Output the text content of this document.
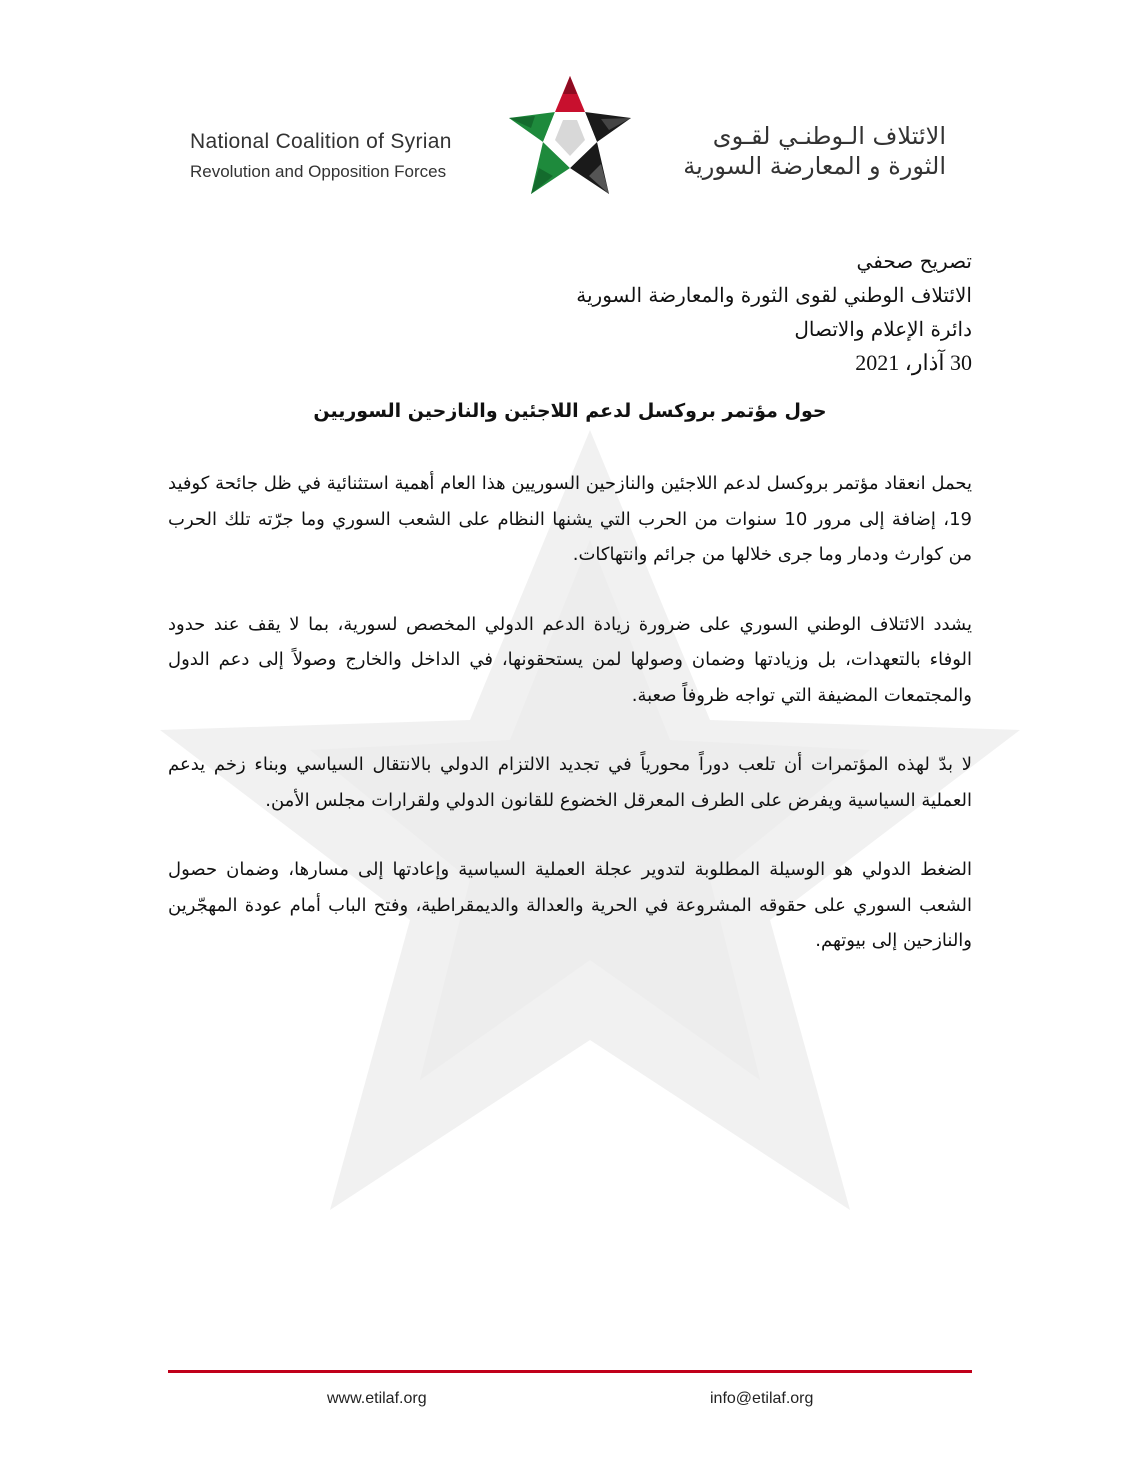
National Coalition of Syrian
Revolution and Opposition Forces
الائتلاف الـوطنـي لقـوى
الثورة و المعارضة السورية
تصريح صحفي
الائتلاف الوطني لقوى الثورة والمعارضة السورية
دائرة الإعلام والاتصال
30 آذار، 2021
حول مؤتمر بروكسل لدعم اللاجئين والنازحين السوريين

يحمل انعقاد مؤتمر بروكسل لدعم اللاجئين والنازحين السوريين هذا العام أهمية استثنائية في ظل جائحة كوفيد 19، إضافة إلى مرور 10 سنوات من الحرب التي يشنها النظام على الشعب السوري وما جرّته تلك الحرب من كوارث ودمار وما جرى خلالها من جرائم وانتهاكات.

يشدد الائتلاف الوطني السوري على ضرورة زيادة الدعم الدولي المخصص لسورية، بما لا يقف عند حدود الوفاء بالتعهدات، بل وزيادتها وضمان وصولها لمن يستحقونها، في الداخل والخارج وصولاً إلى دعم الدول والمجتمعات المضيفة التي تواجه ظروفاً صعبة.

لا بدّ لهذه المؤتمرات أن تلعب دوراً محورياً في تجديد الالتزام الدولي بالانتقال السياسي وبناء زخم يدعم العملية السياسية ويفرض على الطرف المعرقل الخضوع للقانون الدولي ولقرارات مجلس الأمن.

الضغط الدولي هو الوسيلة المطلوبة لتدوير عجلة العملية السياسية وإعادتها إلى مسارها، وضمان حصول الشعب السوري على حقوقه المشروعة في الحرية والعدالة والديمقراطية، وفتح الباب أمام عودة المهجّرين والنازحين إلى بيوتهم.

www.etilaf.org	info@etilaf.org
